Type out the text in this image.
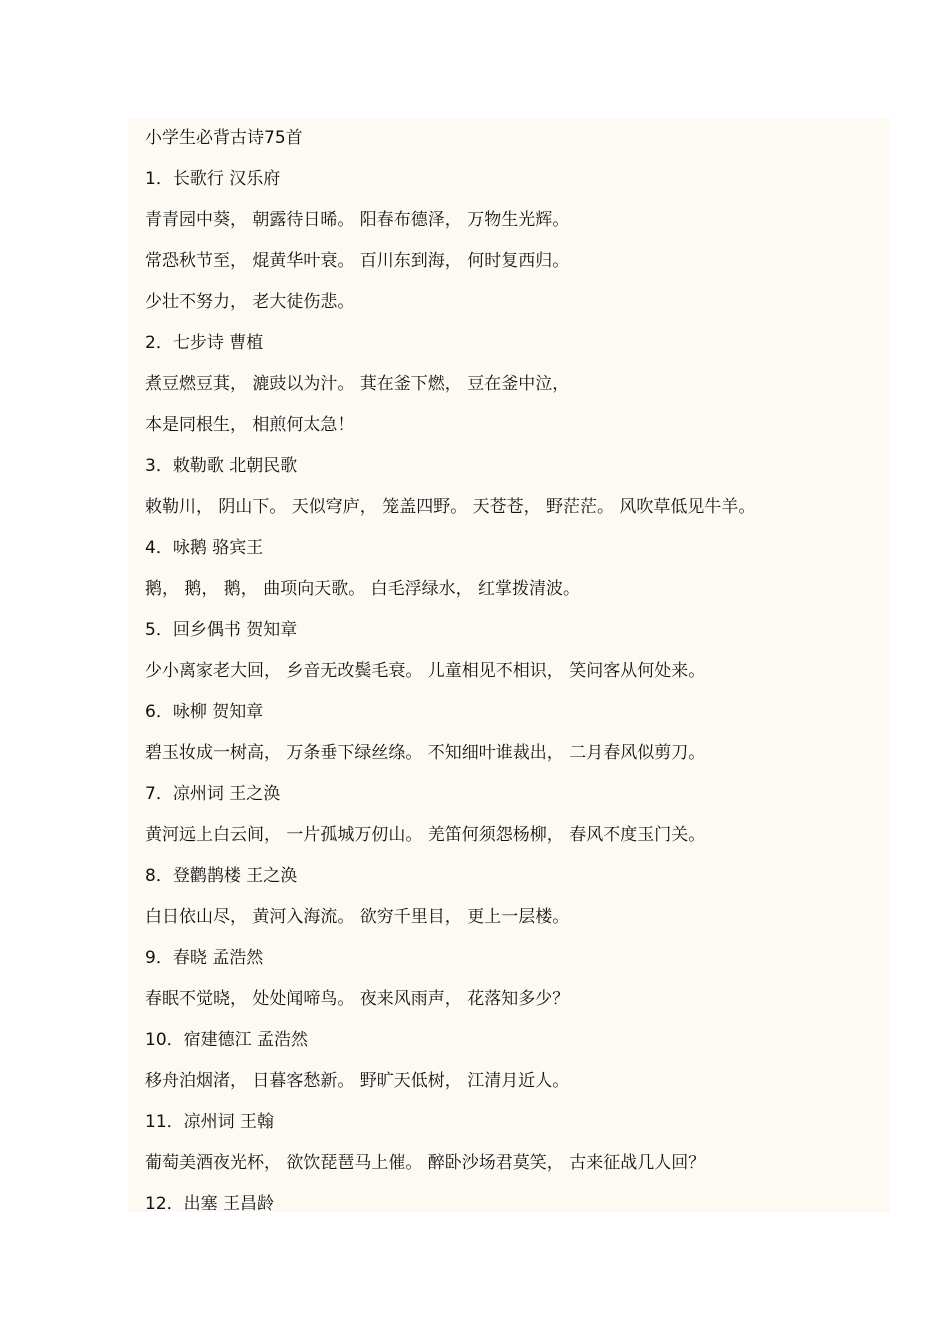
小学生必背古诗75首
1．长歌行 汉乐府
青青园中葵， 朝露待日晞。 阳春布德泽， 万物生光辉。
常恐秋节至， 焜黄华叶衰。 百川东到海， 何时复西归。
少壮不努力， 老大徒伤悲。
2．七步诗 曹植
煮豆燃豆萁， 漉豉以为汁。 萁在釜下燃， 豆在釜中泣，
本是同根生， 相煎何太急！
3．敕勒歌 北朝民歌
敕勒川， 阴山下。 天似穹庐， 笼盖四野。 天苍苍， 野茫茫。 风吹草低见牛羊。
4．咏鹅 骆宾王
鹅， 鹅， 鹅， 曲项向天歌。 白毛浮绿水， 红掌拨清波。
5．回乡偶书 贺知章
少小离家老大回， 乡音无改鬓毛衰。 儿童相见不相识， 笑问客从何处来。
6．咏柳 贺知章
碧玉妆成一树高， 万条垂下绿丝绦。 不知细叶谁裁出， 二月春风似剪刀。
7．凉州词 王之涣
黄河远上白云间， 一片孤城万仞山。 羌笛何须怨杨柳， 春风不度玉门关。
8．登鹳鹊楼 王之涣
白日依山尽， 黄河入海流。 欲穷千里目， 更上一层楼。
9．春晓 孟浩然
春眠不觉晓， 处处闻啼鸟。 夜来风雨声， 花落知多少？
10．宿建德江 孟浩然
移舟泊烟渚， 日暮客愁新。 野旷天低树， 江清月近人。
11．凉州词 王翰
葡萄美酒夜光杯， 欲饮琵琶马上催。 醉卧沙场君莫笑， 古来征战几人回？
12．出塞 王昌龄
